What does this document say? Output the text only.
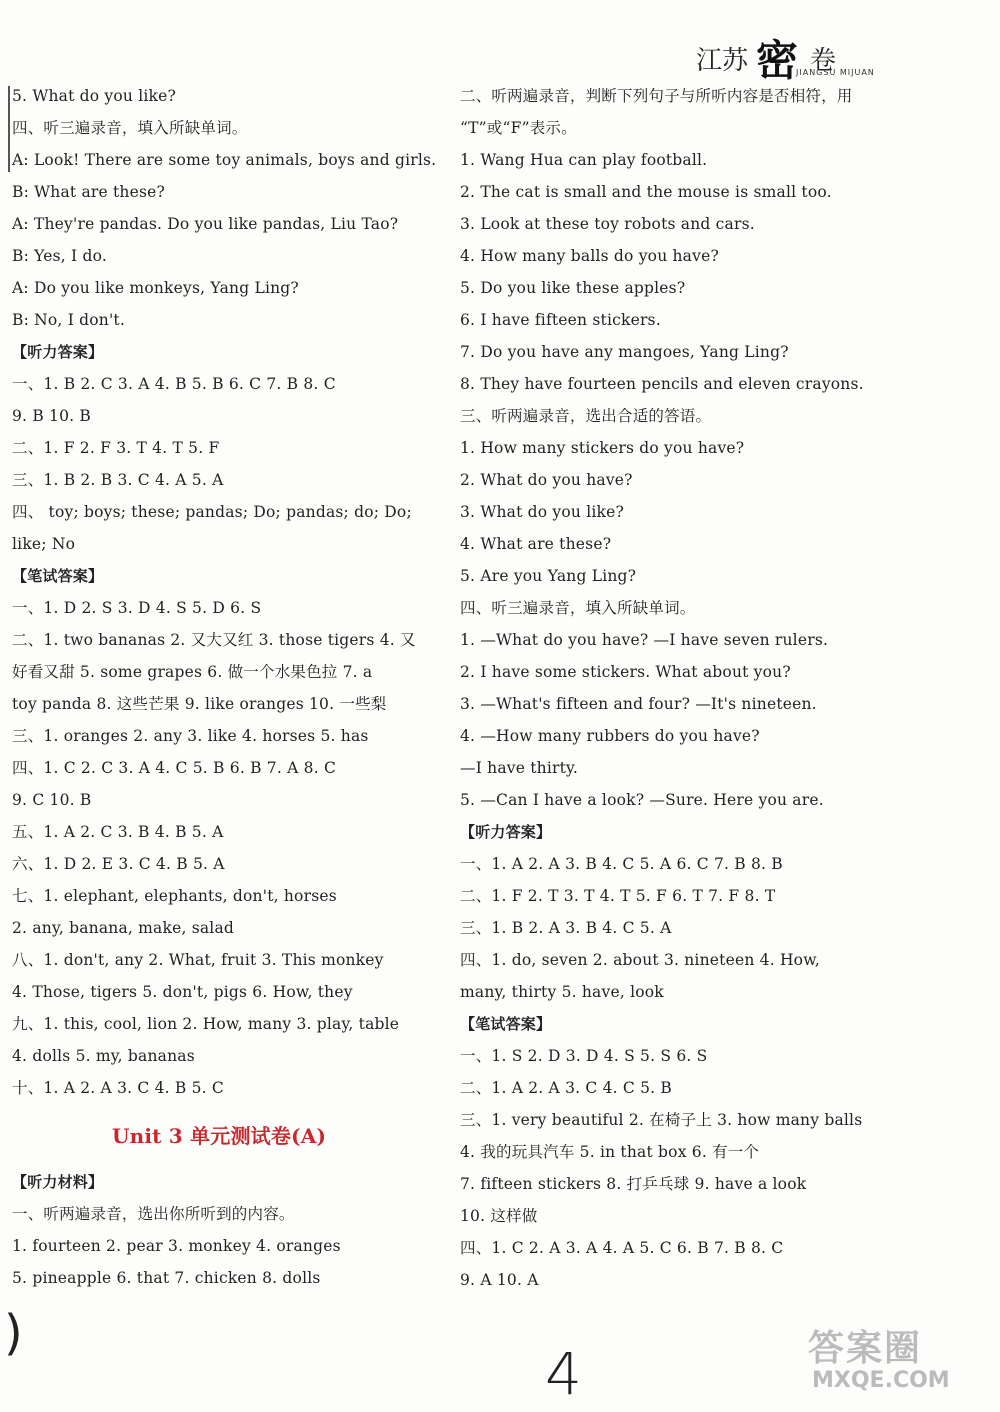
江苏 密 卷
JIANGSU MIJUAN
5. What do you like?
四、听三遍录音，填入所缺单词。
A: Look! There are some toy animals, boys and girls.
B: What are these?
A: They're pandas. Do you like pandas, Liu Tao?
B: Yes, I do.
A: Do you like monkeys, Yang Ling?
B: No, I don't.
【听力答案】
一、1. B 2. C 3. A 4. B 5. B 6. C 7. B 8. C
9. B 10. B
二、1. F 2. F 3. T 4. T 5. F
三、1. B 2. B 3. C 4. A 5. A
四、 toy; boys; these; pandas; Do; pandas; do; Do;
like; No
【笔试答案】
一、1. D 2. S 3. D 4. S 5. D 6. S
二、1. two bananas 2. 又大又红 3. those tigers 4. 又
好看又甜 5. some grapes 6. 做一个水果色拉 7. a
toy panda 8. 这些芒果 9. like oranges 10. 一些梨
三、1. oranges 2. any 3. like 4. horses 5. has
四、1. C 2. C 3. A 4. C 5. B 6. B 7. A 8. C
9. C 10. B
五、1. A 2. C 3. B 4. B 5. A
六、1. D 2. E 3. C 4. B 5. A
七、1. elephant, elephants, don't, horses
2. any, banana, make, salad
八、1. don't, any 2. What, fruit 3. This monkey
4. Those, tigers 5. don't, pigs 6. How, they
九、1. this, cool, lion 2. How, many 3. play, table
4. dolls 5. my, bananas
十、1. A 2. A 3. C 4. B 5. C
Unit 3 单元测试卷(A)
【听力材料】
一、听两遍录音，选出你所听到的内容。
1. fourteen 2. pear 3. monkey 4. oranges
5. pineapple 6. that 7. chicken 8. dolls
二、听两遍录音，判断下列句子与所听内容是否相符，用
“T”或“F”表示。
1. Wang Hua can play football.
2. The cat is small and the mouse is small too.
3. Look at these toy robots and cars.
4. How many balls do you have?
5. Do you like these apples?
6. I have fifteen stickers.
7. Do you have any mangoes, Yang Ling?
8. They have fourteen pencils and eleven crayons.
三、听两遍录音，选出合适的答语。
1. How many stickers do you have?
2. What do you have?
3. What do you like?
4. What are these?
5. Are you Yang Ling?
四、听三遍录音，填入所缺单词。
1. —What do you have? —I have seven rulers.
2. I have some stickers. What about you?
3. —What's fifteen and four? —It's nineteen.
4. —How many rubbers do you have?
—I have thirty.
5. —Can I have a look? —Sure. Here you are.
【听力答案】
一、1. A 2. A 3. B 4. C 5. A 6. C 7. B 8. B
二、1. F 2. T 3. T 4. T 5. F 6. T 7. F 8. T
三、1. B 2. A 3. B 4. C 5. A
四、1. do, seven 2. about 3. nineteen 4. How,
many, thirty 5. have, look
【笔试答案】
一、1. S 2. D 3. D 4. S 5. S 6. S
二、1. A 2. A 3. C 4. C 5. B
三、1. very beautiful 2. 在椅子上 3. how many balls
4. 我的玩具汽车 5. in that box 6. 有一个
7. fifteen stickers 8. 打乒乓球 9. have a look
10. 这样做
四、1. C 2. A 3. A 4. A 5. C 6. B 7. B 8. C
9. A 10. A
)
4	答案圈
MXQE.COM
